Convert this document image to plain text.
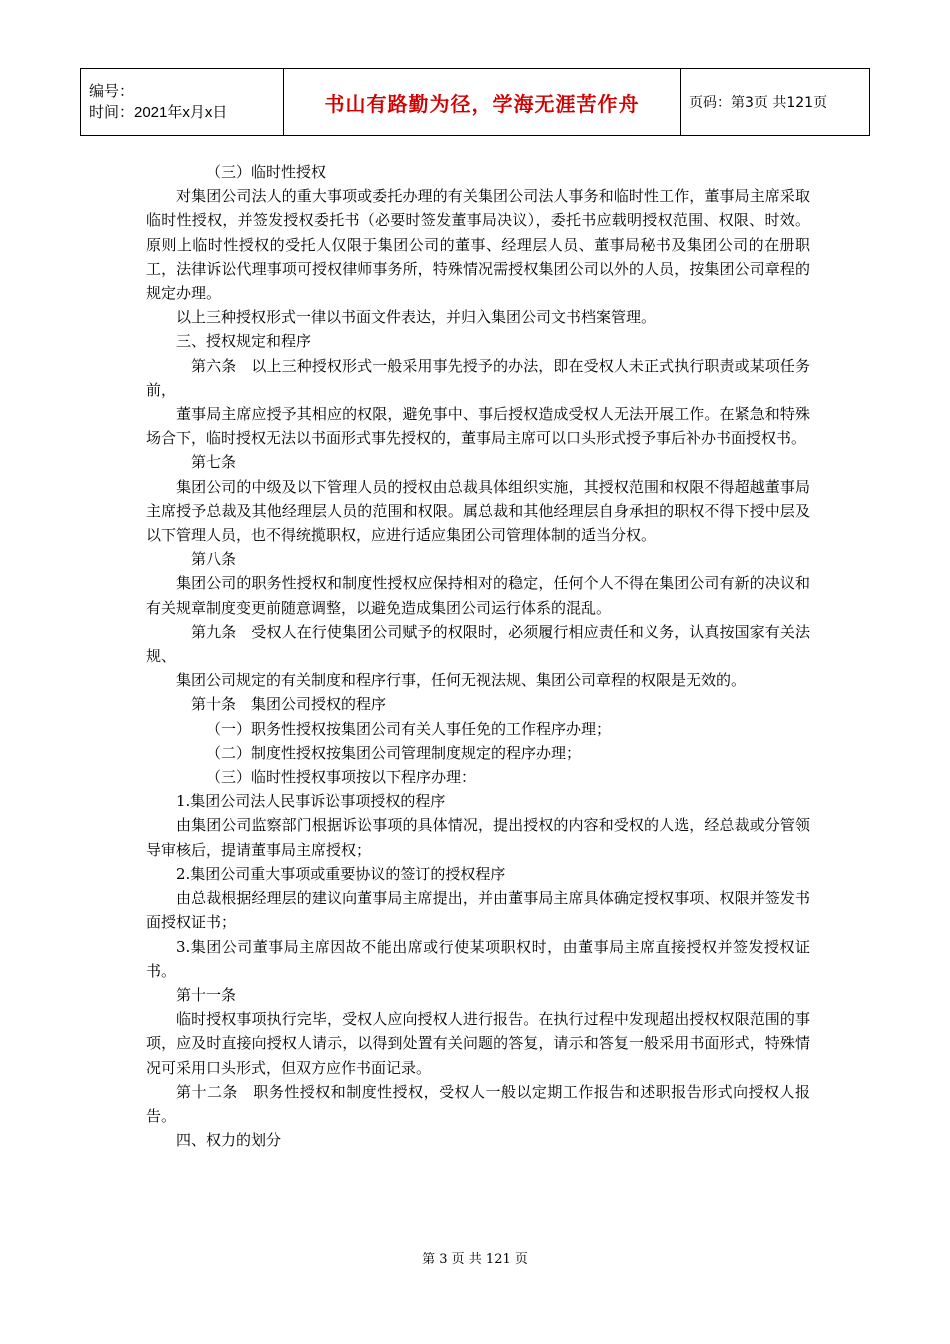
编号：
时间：2021年x月x日	书山有路勤为径，学海无涯苦作舟	页码：第3页 共121页

（三）临时性授权

对集团公司法人的重大事项或委托办理的有关集团公司法人事务和临时性工作，董事局主席采取临时性授权，并签发授权委托书（必要时签发董事局决议），委托书应载明授权范围、权限、时效。原则上临时性授权的受托人仅限于集团公司的董事、经理层人员、董事局秘书及集团公司的在册职工，法律诉讼代理事项可授权律师事务所，特殊情况需授权集团公司以外的人员，按集团公司章程的规定办理。

以上三种授权形式一律以书面文件表达，并归入集团公司文书档案管理。

三、授权规定和程序

第六条　以上三种授权形式一般采用事先授予的办法，即在受权人未正式执行职责或某项任务前，

董事局主席应授予其相应的权限，避免事中、事后授权造成受权人无法开展工作。在紧急和特殊场合下，临时授权无法以书面形式事先授权的，董事局主席可以口头形式授予事后补办书面授权书。

第七条

集团公司的中级及以下管理人员的授权由总裁具体组织实施，其授权范围和权限不得超越董事局主席授予总裁及其他经理层人员的范围和权限。属总裁和其他经理层自身承担的职权不得下授中层及以下管理人员，也不得统揽职权，应进行适应集团公司管理体制的适当分权。

第八条

集团公司的职务性授权和制度性授权应保持相对的稳定，任何个人不得在集团公司有新的决议和有关规章制度变更前随意调整，以避免造成集团公司运行体系的混乱。

第九条　受权人在行使集团公司赋予的权限时，必须履行相应责任和义务，认真按国家有关法规、

集团公司规定的有关制度和程序行事，任何无视法规、集团公司章程的权限是无效的。

第十条　集团公司授权的程序

（一）职务性授权按集团公司有关人事任免的工作程序办理；

（二）制度性授权按集团公司管理制度规定的程序办理；

（三）临时性授权事项按以下程序办理：

1.集团公司法人民事诉讼事项授权的程序

由集团公司监察部门根据诉讼事项的具体情况，提出授权的内容和受权的人选，经总裁或分管领导审核后，提请董事局主席授权；

2.集团公司重大事项或重要协议的签订的授权程序

由总裁根据经理层的建议向董事局主席提出，并由董事局主席具体确定授权事项、权限并签发书面授权证书；

3.集团公司董事局主席因故不能出席或行使某项职权时，由董事局主席直接授权并签发授权证书。

第十一条

临时授权事项执行完毕，受权人应向授权人进行报告。在执行过程中发现超出授权权限范围的事项，应及时直接向授权人请示，以得到处置有关问题的答复，请示和答复一般采用书面形式，特殊情况可采用口头形式，但双方应作书面记录。

第十二条　职务性授权和制度性授权，受权人一般以定期工作报告和述职报告形式向授权人报告。

四、权力的划分

第 3 页 共 121 页
